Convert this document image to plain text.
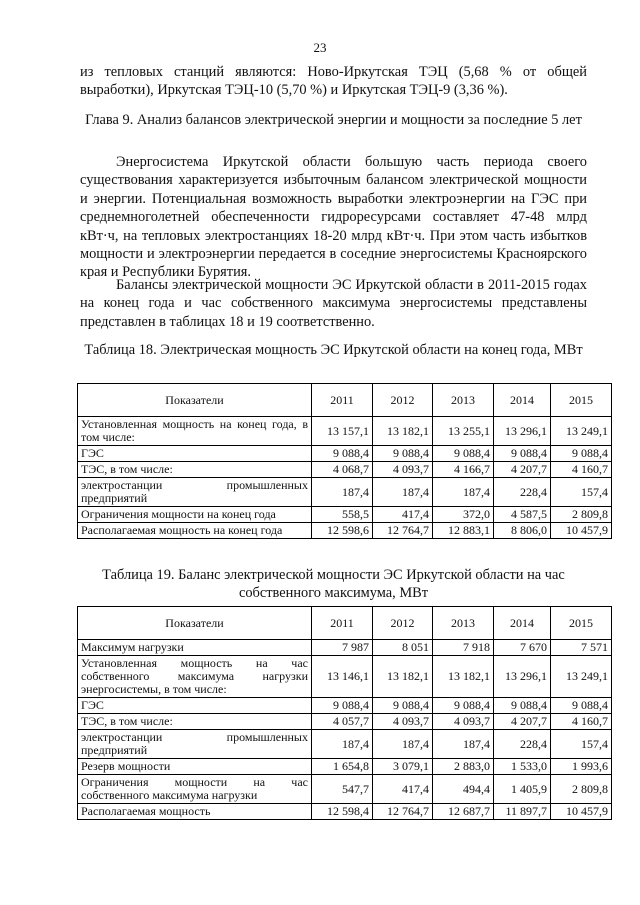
23
из тепловых станций являются: Ново-Иркутская ТЭЦ (5,68 % от общей выработки), Иркутская ТЭЦ-10 (5,70 %) и Иркутская ТЭЦ-9 (3,36 %).
Глава 9. Анализ балансов электрической энергии и мощности за последние 5 лет
Энергосистема Иркутской области большую часть периода своего существования характеризуется избыточным балансом электрической мощности и энергии. Потенциальная возможность выработки электроэнергии на ГЭС при среднемноголетней обеспеченности гидроресурсами составляет 47-48 млрд кВт·ч, на тепловых электростанциях 18-20 млрд кВт·ч. При этом часть избытков мощности и электроэнергии передается в соседние энергосистемы Красноярского края и Республики Бурятия.
Балансы электрической мощности ЭС Иркутской области в 2011-2015 годах на конец года и час собственного максимума энергосистемы представлены представлен в таблицах 18 и 19 соответственно.
Таблица 18. Электрическая мощность ЭС Иркутской области на конец года, МВт
Показатели	2011	2012	2013	2014	2015
Установленная мощность на конец года, в том числе:	13 157,1	13 182,1	13 255,1	13 296,1	13 249,1
ГЭС	9 088,4	9 088,4	9 088,4	9 088,4	9 088,4
ТЭС, в том числе:	4 068,7	4 093,7	4 166,7	4 207,7	4 160,7
электростанции промышленных предприятий	187,4	187,4	187,4	228,4	157,4
Ограничения мощности на конец года	558,5	417,4	372,0	4 587,5	2 809,8
Располагаемая мощность на конец года	12 598,6	12 764,7	12 883,1	8 806,0	10 457,9
Таблица 19. Баланс электрической мощности ЭС Иркутской области на час собственного максимума, МВт
Показатели	2011	2012	2013	2014	2015
Максимум нагрузки	7 987	8 051	7 918	7 670	7 571
Установленная мощность на час собственного максимума нагрузки энергосистемы, в том числе:	13 146,1	13 182,1	13 182,1	13 296,1	13 249,1
ГЭС	9 088,4	9 088,4	9 088,4	9 088,4	9 088,4
ТЭС, в том числе:	4 057,7	4 093,7	4 093,7	4 207,7	4 160,7
электростанции промышленных предприятий	187,4	187,4	187,4	228,4	157,4
Резерв мощности	1 654,8	3 079,1	2 883,0	1 533,0	1 993,6
Ограничения мощности на час собственного максимума нагрузки	547,7	417,4	494,4	1 405,9	2 809,8
Располагаемая мощность	12 598,4	12 764,7	12 687,7	11 897,7	10 457,9
